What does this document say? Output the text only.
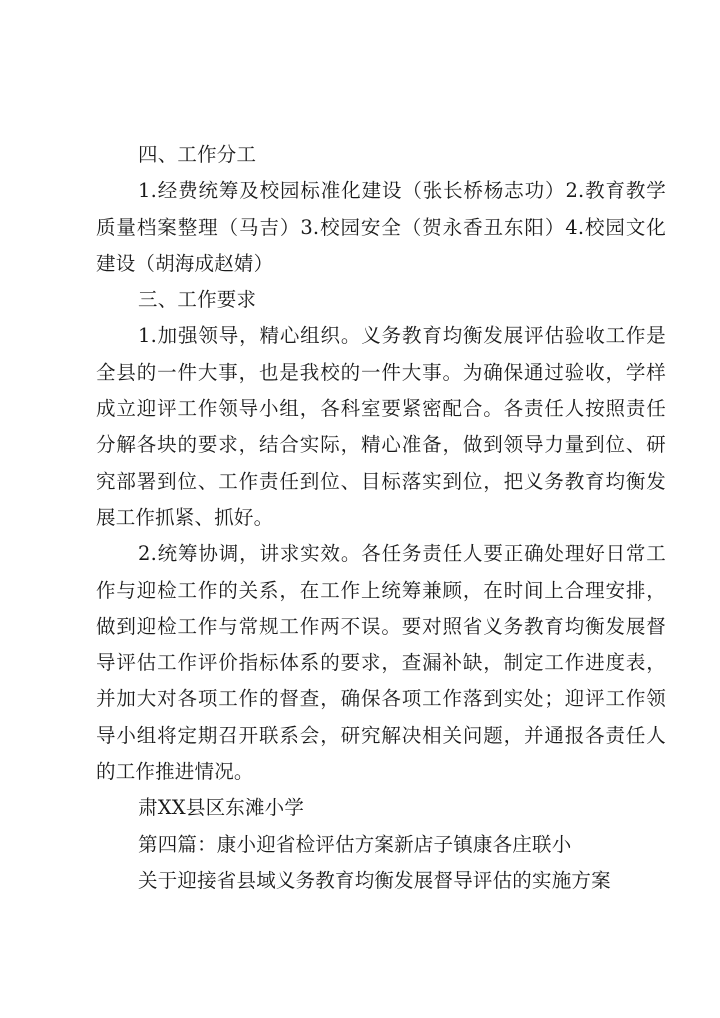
四、工作分工
1.经费统筹及校园标准化建设（张长桥杨志功）2.教育教学
质量档案整理（马吉）3.校园安全（贺永香丑东阳）4.校园文化
建设（胡海成赵婧）
三、工作要求
1.加强领导，精心组织。义务教育均衡发展评估验收工作是
全县的一件大事，也是我校的一件大事。为确保通过验收，学样
成立迎评工作领导小组，各科室要紧密配合。各责任人按照责任
分解各块的要求，结合实际，精心准备，做到领导力量到位、研
究部署到位、工作责任到位、目标落实到位，把义务教育均衡发
展工作抓紧、抓好。
2.统筹协调，讲求实效。各任务责任人要正确处理好日常工
作与迎检工作的关系，在工作上统筹兼顾，在时间上合理安排，
做到迎检工作与常规工作两不误。要对照省义务教育均衡发展督
导评估工作评价指标体系的要求，查漏补缺，制定工作进度表，
并加大对各项工作的督查，确保各项工作落到实处；迎评工作领
导小组将定期召开联系会，研究解决相关问题，并通报各责任人
的工作推进情况。
肃XX县区东滩小学
第四篇：康小迎省检评估方案新店子镇康各庄联小
关于迎接省县域义务教育均衡发展督导评估的实施方案
